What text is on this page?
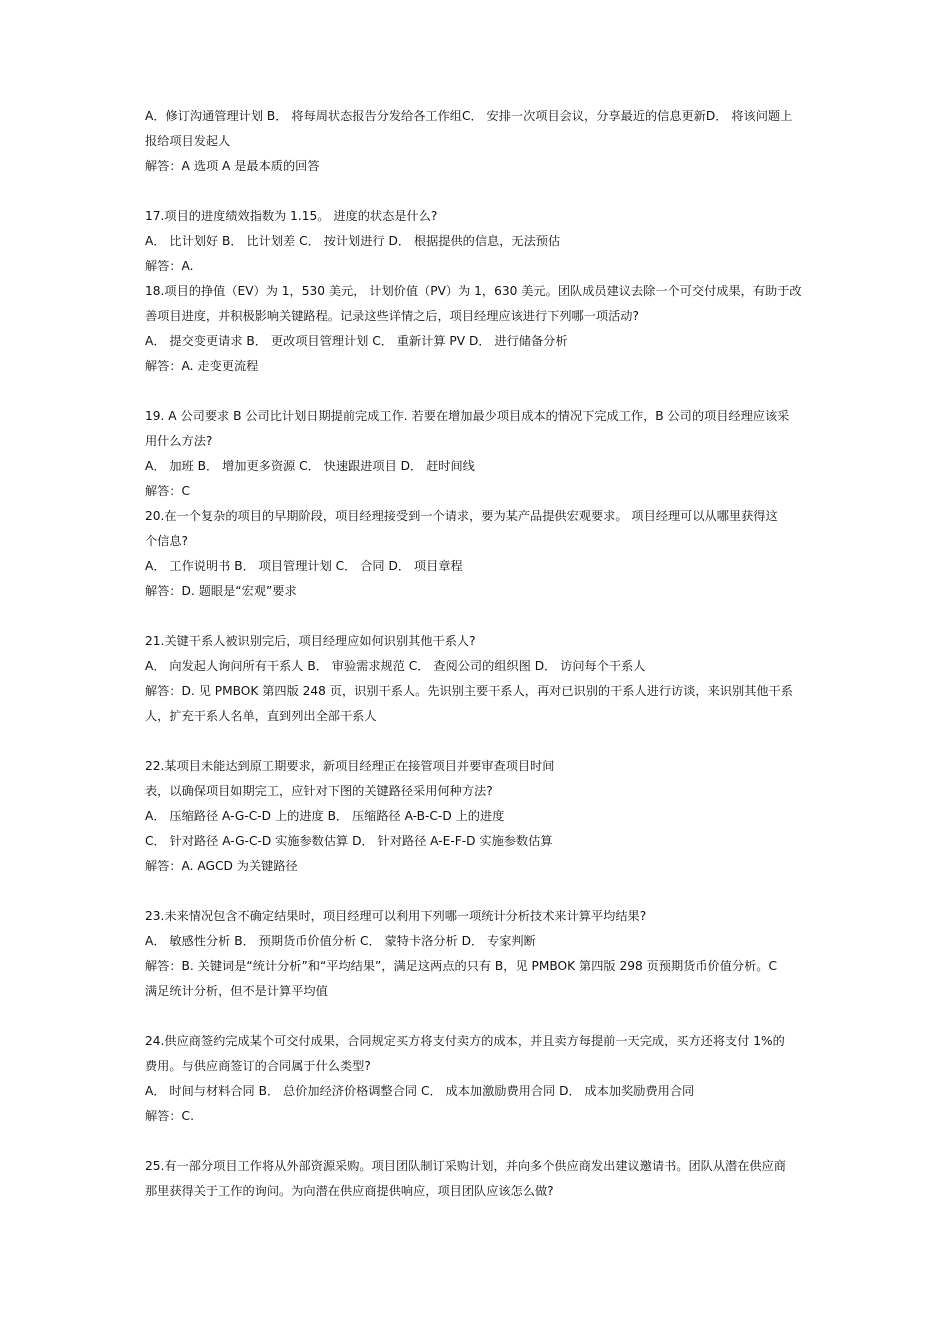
A．修订沟通管理计划 B． 将每周状态报告分发给各工作组C． 安排一次项目会议，分享最近的信息更新D． 将该问题上
报给项目发起人
解答：A 选项 A 是最本质的回答
17.项目的进度绩效指数为 1.15。 进度的状态是什么?
A． 比计划好 B． 比计划差 C． 按计划进行 D． 根据提供的信息，无法预估
解答：A.
18.项目的挣值（EV）为 1，530 美元， 计划价值（PV）为 1，630 美元。团队成员建议去除一个可交付成果，有助于改
善项目进度，并积极影响关键路程。记录这些详情之后，项目经理应该进行下列哪一项活动?
A． 提交变更请求 B． 更改项目管理计划 C． 重新计算 PV D． 进行储备分析
解答：A. 走变更流程
19. A 公司要求 B 公司比计划日期提前完成工作. 若要在增加最少项目成本的情况下完成工作，B 公司的项目经理应该采
用什么方法?
A． 加班 B． 增加更多资源 C． 快速跟进项目 D． 赶时间线
解答：C
20.在一个复杂的项目的早期阶段，项目经理接受到一个请求，要为某产品提供宏观要求。 项目经理可以从哪里获得这
个信息?
A． 工作说明书 B． 项目管理计划 C． 合同 D． 项目章程
解答：D. 题眼是“宏观”要求
21.关键干系人被识别完后，项目经理应如何识别其他干系人?
A． 向发起人询问所有干系人 B． 审验需求规范 C． 查阅公司的组织图 D． 访问每个干系人
解答：D. 见 PMBOK 第四版 248 页，识别干系人。先识别主要干系人，再对已识别的干系人进行访谈，来识别其他干系
人，扩充干系人名单，直到列出全部干系人
22.某项目未能达到原工期要求，新项目经理正在接管项目并要审查项目时间
表，以确保项目如期完工，应针对下图的关键路径采用何种方法?
A． 压缩路径 A-G-C-D 上的进度 B． 压缩路径 A-B-C-D 上的进度
C． 针对路径 A-G-C-D 实施参数估算 D． 针对路径 A-E-F-D 实施参数估算
解答：A. AGCD 为关键路径
23.未来情况包含不确定结果时，项目经理可以利用下列哪一项统计分析技术来计算平均结果?
A． 敏感性分析 B． 预期货币价值分析 C． 蒙特卡洛分析 D． 专家判断
解答：B. 关键词是“统计分析”和“平均结果”，满足这两点的只有 B，见 PMBOK 第四版 298 页预期货币价值分析。C
满足统计分析，但不是计算平均值
24.供应商签约完成某个可交付成果，合同规定买方将支付卖方的成本，并且卖方每提前一天完成，买方还将支付 1%的
费用。与供应商签订的合同属于什么类型?
A． 时间与材料合同 B． 总价加经济价格调整合同 C． 成本加激励费用合同 D． 成本加奖励费用合同
解答：C.
25.有一部分项目工作将从外部资源采购。项目团队制订采购计划，并向多个供应商发出建议邀请书。团队从潜在供应商
那里获得关于工作的询问。为向潜在供应商提供响应，项目团队应该怎么做?
